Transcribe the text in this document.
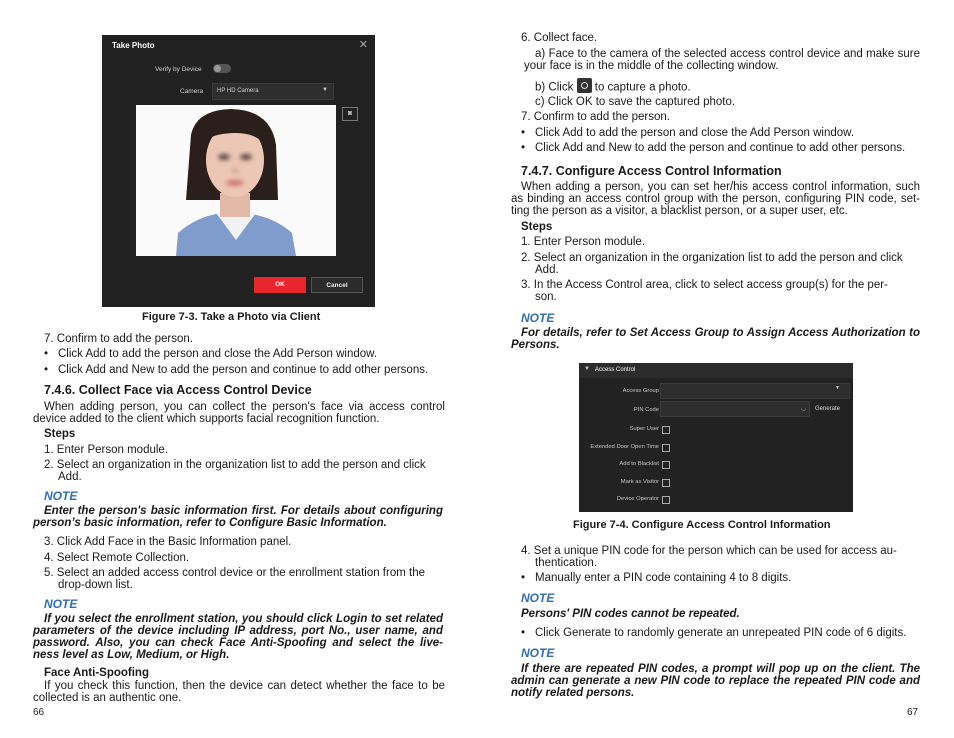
Take Photo	✕
Verify by Device
Camera HP HD Camera	▼
◙
OK	Cancel
Figure 7-3. Take a Photo via Client
7. Confirm to add the person.
• Click Add to add the person and close the Add Person window.
• Click Add and New to add the person and continue to add other persons.
7.4.6. Collect Face via Access Control Device
When adding person, you can collect the person's face via access control device added to the client which supports facial recognition function.
Steps
1. Enter Person module.
2. Select an organization in the organization list to add the person and click
Add.
NOTE
Enter the person's basic information first. For details about configuring person’s basic information, refer to Configure Basic Information.
3. Click Add Face in the Basic Information panel.
4. Select Remote Collection.
5. Select an added access control device or the enrollment station from the
drop-down list.
NOTE
If you select the enrollment station, you should click Login to set related parameters of the device including IP address, port No., user name, and password. Also, you can check Face Anti-Spoofing and select the live-ness level as Low, Medium, or High.
Face Anti-Spoofing
If you check this function, then the device can detect whether the face to be collected is an authentic one.
66
6. Collect face.
a) Face to the camera of the selected access control device and make sure your face is in the middle of the collecting window.
b) Click to capture a photo.
c) Click OK to save the captured photo.
7. Confirm to add the person.
• Click Add to add the person and close the Add Person window.
• Click Add and New to add the person and continue to add other persons.
7.4.7. Configure Access Control Information
When adding a person, you can set her/his access control information, such as binding an access control group with the person, configuring PIN code, set-ting the person as a visitor, a blacklist person, or a super user, etc.
Steps
1. Enter Person module.
2. Select an organization in the organization list to add the person and click
Add.
3. In the Access Control area, click to select access group(s) for the per-
son.
NOTE
For details, refer to Set Access Group to Assign Access Authorization to Persons.
▼ Access Control
Access Group	▼
PIN Code	◡ Generate
Super User
Extended Door Open Time
Add to Blacklist
Mark as Visitor
Device Operator
Figure 7-4. Configure Access Control Information
4. Set a unique PIN code for the person which can be used for access au-
thentication.
• Manually enter a PIN code containing 4 to 8 digits.
NOTE
Persons' PIN codes cannot be repeated.
• Click Generate to randomly generate an unrepeated PIN code of 6 digits.
NOTE
If there are repeated PIN codes, a prompt will pop up on the client. The admin can generate a new PIN code to replace the repeated PIN code and notify related persons.
67
